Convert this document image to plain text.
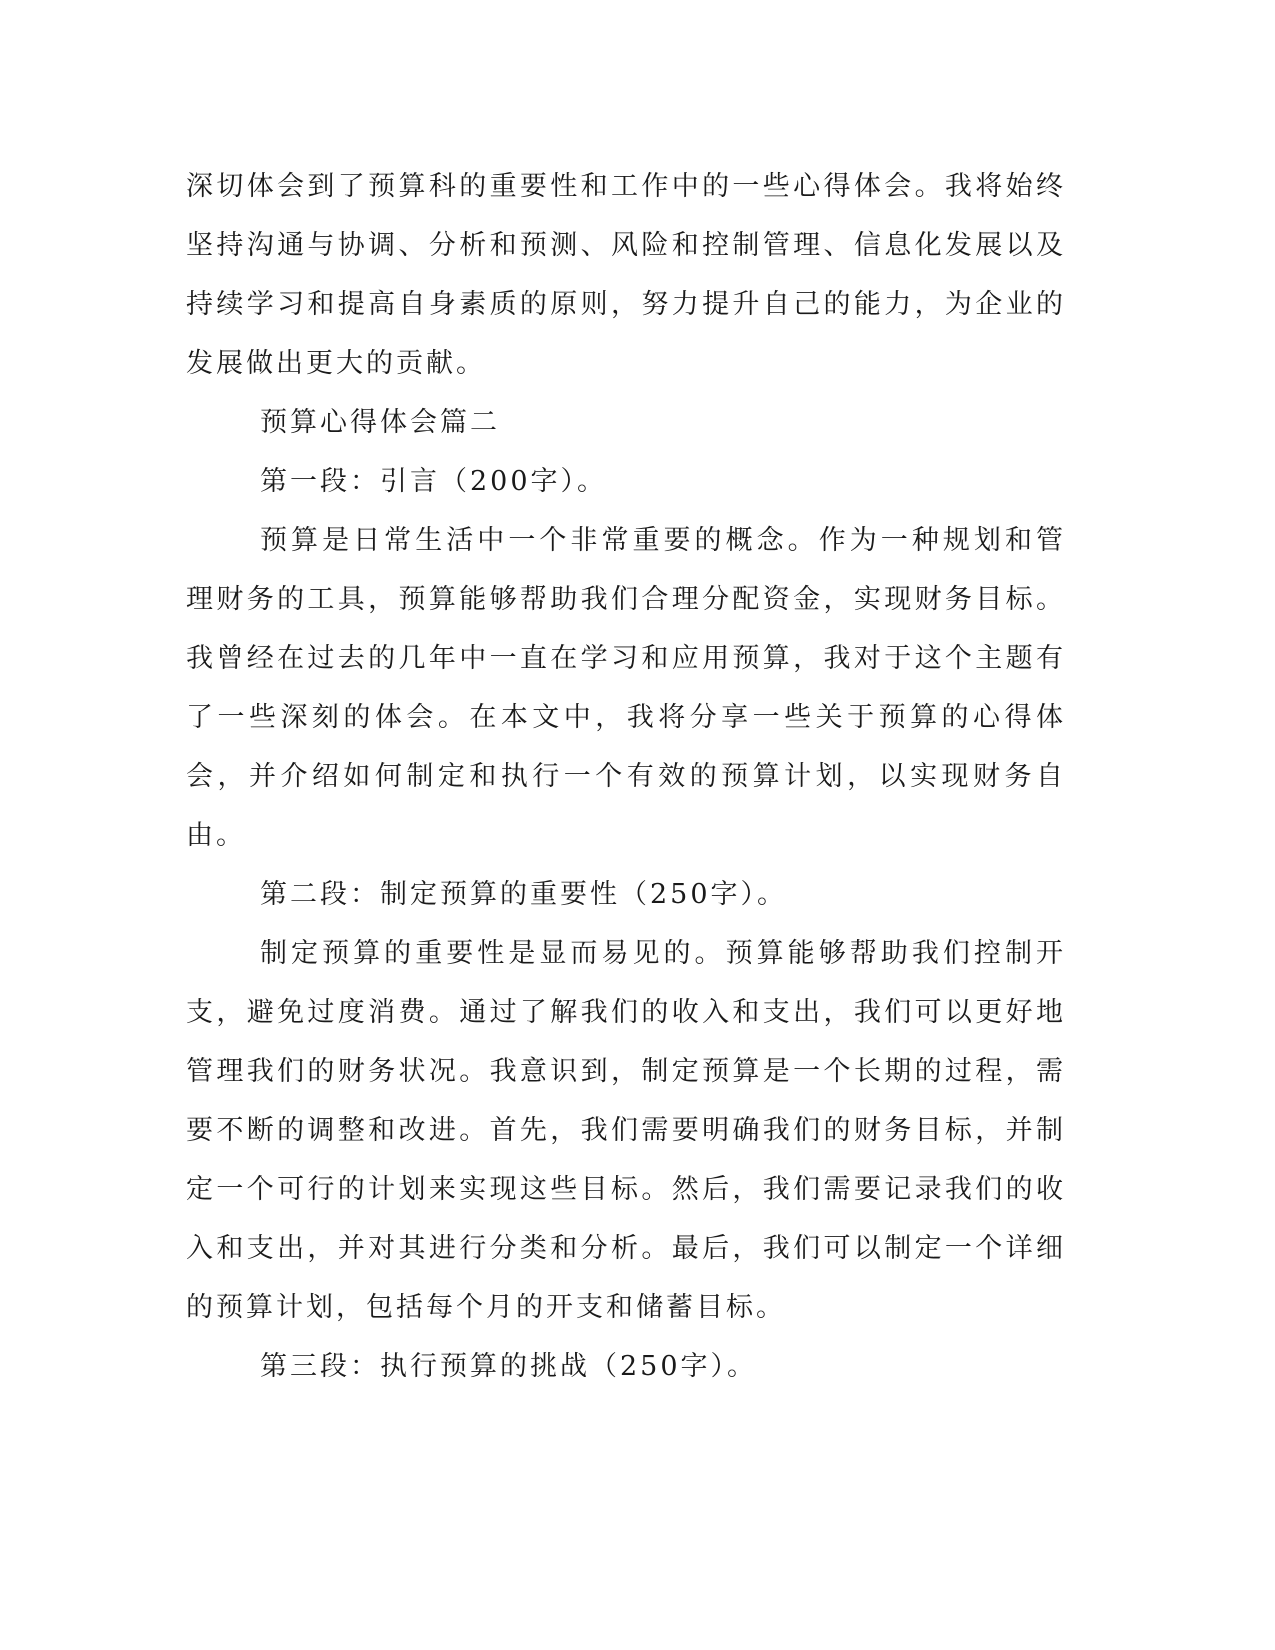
深切体会到了预算科的重要性和工作中的一些心得体会。我将始终坚持沟通与协调、分析和预测、风险和控制管理、信息化发展以及持续学习和提高自身素质的原则，努力提升自己的能力，为企业的发展做出更大的贡献。

预算心得体会篇二

第一段：引言（200字）。

预算是日常生活中一个非常重要的概念。作为一种规划和管理财务的工具，预算能够帮助我们合理分配资金，实现财务目标。我曾经在过去的几年中一直在学习和应用预算，我对于这个主题有了一些深刻的体会。在本文中，我将分享一些关于预算的心得体会，并介绍如何制定和执行一个有效的预算计划，以实现财务自由。

第二段：制定预算的重要性（250字）。

制定预算的重要性是显而易见的。预算能够帮助我们控制开支，避免过度消费。通过了解我们的收入和支出，我们可以更好地管理我们的财务状况。我意识到，制定预算是一个长期的过程，需要不断的调整和改进。首先，我们需要明确我们的财务目标，并制定一个可行的计划来实现这些目标。然后，我们需要记录我们的收入和支出，并对其进行分类和分析。最后，我们可以制定一个详细的预算计划，包括每个月的开支和储蓄目标。

第三段：执行预算的挑战（250字）。
